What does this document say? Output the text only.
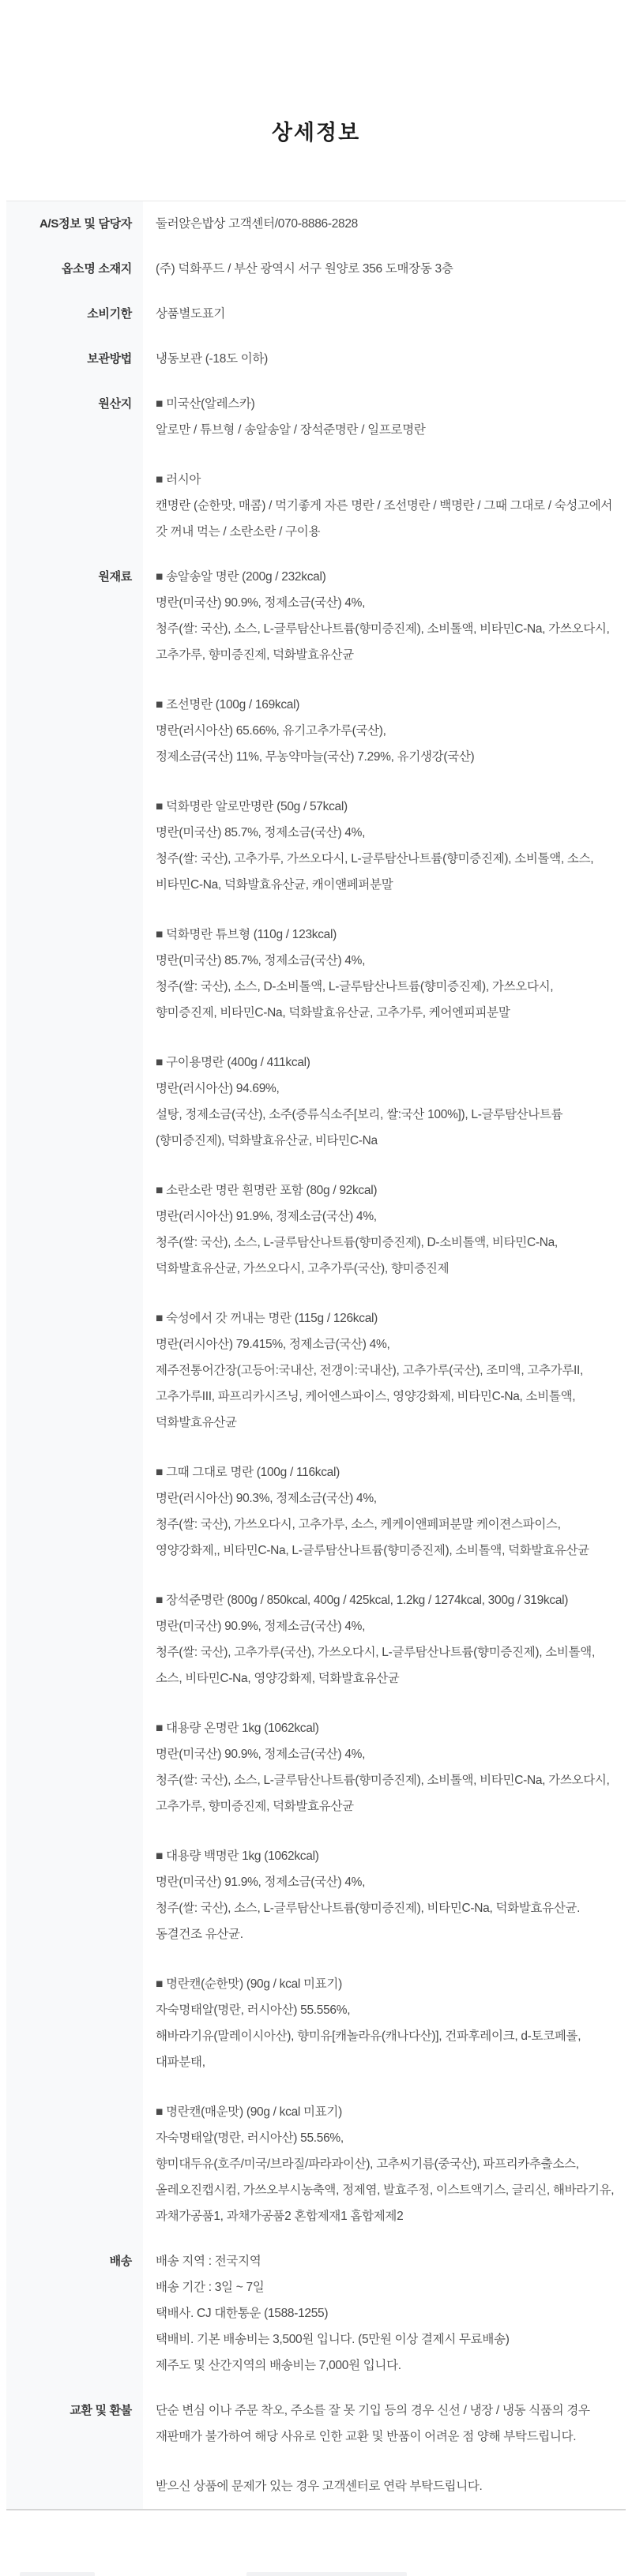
상세정보
A/S정보 및 담당자	둘러앉은밥상 고객센터/070-8886-2828
옵소명 소재지	(주) 덕화푸드 / 부산 광역시 서구 원양로 356 도매장동 3층
소비기한	상품별도표기
보관방법	냉동보관 (-18도 이하)
원산지	■ 미국산(알레스카)
알로만 / 튜브형 / 송알송알 / 장석준명란 / 일프로명란
■ 러시아
캔명란 (순한맛, 매콤) / 먹기좋게 자른 명란 / 조선명란 / 백명란 / 그때 그대로 / 숙성고에서 갓 꺼내 먹는 / 소란소란 / 구이용
원재료	■ 송알송알 명란 (200g / 232kcal)
명란(미국산) 90.9%, 정제소금(국산) 4%,
청주(쌀: 국산), 소스, L-글루탐산나트륨(향미증진제), 소비톨액, 비타민C-Na, 가쓰오다시, 고추가루, 향미증진제, 덕화발효유산균
■ 조선명란 (100g / 169kcal)
명란(러시아산) 65.66%, 유기고추가루(국산),
정제소금(국산) 11%, 무농약마늘(국산) 7.29%, 유기생강(국산)
■ 덕화명란 알로만명란 (50g / 57kcal)
명란(미국산) 85.7%, 정제소금(국산) 4%,
청주(쌀: 국산), 고추가루, 가쓰오다시, L-글루탐산나트륨(향미증진제), 소비톨액, 소스, 비타민C-Na, 덕화발효유산균, 캐이앤페퍼분말
■ 덕화명란 튜브형 (110g / 123kcal)
명란(미국산) 85.7%, 정제소금(국산) 4%,
청주(쌀: 국산), 소스, D-소비톨액, L-글루탐산나트륨(향미증진제), 가쓰오다시, 향미증진제, 비타민C-Na, 덕화발효유산균, 고추가루, 케어엔피피분말
■ 구이용명란 (400g / 411kcal)
명란(러시아산) 94.69%,
설탕, 정제소금(국산), 소주(증류식소주[보리, 쌀:국산 100%]), L-글루탐산나트륨(향미증진제), 덕화발효유산균, 비타민C-Na
■ 소란소란 명란 흰명란 포함 (80g / 92kcal)
명란(러시아산) 91.9%, 정제소금(국산) 4%,
청주(쌀: 국산), 소스, L-글루탐산나트륨(향미증진제), D-소비톨액, 비타민C-Na, 덕화발효유산균, 가쓰오다시, 고추가루(국산), 향미증진제
■ 숙성에서 갓 꺼내는 명란 (115g / 126kcal)
명란(러시아산) 79.415%, 정제소금(국산) 4%,
제주전통어간장(고등어:국내산, 전갱이:국내산), 고추가루(국산), 조미액, 고추가루II, 고추가루III, 파프리카시즈닝, 케어엔스파이스, 영양강화제, 비타민C-Na, 소비톨액, 덕화발효유산균
■ 그때 그대로 명란 (100g / 116kcal)
명란(러시아산) 90.3%, 정제소금(국산) 4%,
청주(쌀: 국산), 가쓰오다시, 고추가루, 소스, 케케이앤페퍼분말 케이젼스파이스, 영양강화제,, 비타민C-Na, L-글루탐산나트륨(향미증진제), 소비톨액, 덕화발효유산균
■ 장석준명란 (800g / 850kcal, 400g / 425kcal, 1.2kg / 1274kcal, 300g / 319kcal)
명란(미국산) 90.9%, 정제소금(국산) 4%,
청주(쌀: 국산), 고추가루(국산), 가쓰오다시, L-글루탐산나트륨(향미증진제), 소비톨액, 소스, 비타민C-Na, 영양강화제, 덕화발효유산균
■ 대용량 온명란 1kg (1062kcal)
명란(미국산) 90.9%, 정제소금(국산) 4%,
청주(쌀: 국산), 소스, L-글루탐산나트륨(향미증진제), 소비톨액, 비타민C-Na, 가쓰오다시, 고추가루, 향미증진제, 덕화발효유산균
■ 대용량 백명란 1kg (1062kcal)
명란(미국산) 91.9%, 정제소금(국산) 4%,
청주(쌀: 국산), 소스, L-글루탐산나트륨(향미증진제), 비타민C-Na, 덕화발효유산균. 동결건조 유산균.
■ 명란캔(순한맛) (90g / kcal 미표기)
자숙명태알(명란, 러시아산) 55.556%,
해바라기유(말레이시아산), 향미유[캐놀라유(캐나다산)], 건파후레이크, d-토코페롤, 대파분태,
■ 명란캔(매운맛) (90g / kcal 미표기)
자숙명태알(명란, 러시아산) 55.56%,
향미대두유(호주/미국/브라질/파라과이산), 고추씨기름(중국산), 파프리카추출소스, 올레오진캡시컴, 가쓰오부시농축액, 정제염, 발효주정, 이스트액기스, 글리신, 해바라기유, 과채가공품1, 과채가공품2 혼합제재1 홉합제제2
배송	배송 지역 : 전국지역
배송 기간 : 3일 ~ 7일
택배사. CJ 대한통운 (1588-1255)
택배비. 기본 배송비는 3,500원 입니다. (5만원 이상 결제시 무료배송)
제주도 및 산간지역의 배송비는 7,000원 입니다.
교환 및 환불	단순 변심 이나 주문 착오, 주소를 잘 못 기입 등의 경우 신선 / 냉장 / 냉동 식품의 경우 재판매가 불가하여 해당 사유로 인한 교환 및 반품이 어려운 점 양해 부탁드립니다.
받으신 상품에 문제가 있는 경우 고객센터로 연락 부탁드립니다.
